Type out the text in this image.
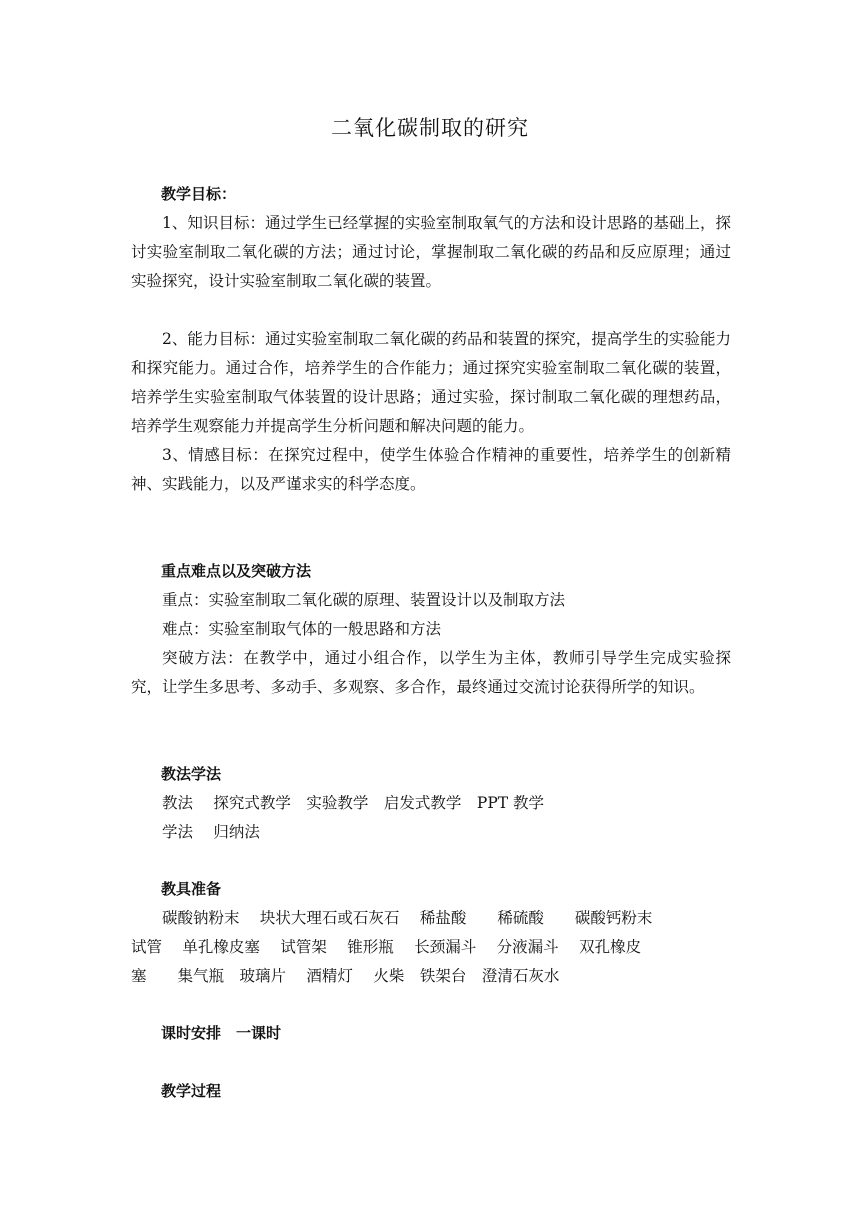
二氧化碳制取的研究

教学目标：

1、知识目标：通过学生已经掌握的实验室制取氧气的方法和设计思路的基础上，探讨实验室制取二氧化碳的方法；通过讨论，掌握制取二氧化碳的药品和反应原理；通过实验探究，设计实验室制取二氧化碳的装置。

2、能力目标：通过实验室制取二氧化碳的药品和装置的探究，提高学生的实验能力和探究能力。通过合作，培养学生的合作能力；通过探究实验室制取二氧化碳的装置，培养学生实验室制取气体装置的设计思路；通过实验，探讨制取二氧化碳的理想药品，培养学生观察能力并提高学生分析问题和解决问题的能力。

3、情感目标：在探究过程中，使学生体验合作精神的重要性，培养学生的创新精神、实践能力，以及严谨求实的科学态度。

重点难点以及突破方法

重点：实验室制取二氧化碳的原理、装置设计以及制取方法

难点：实验室制取气体的一般思路和方法

突破方法：在教学中，通过小组合作，以学生为主体，教师引导学生完成实验探究，让学生多思考、多动手、多观察、多合作，最终通过交流讨论获得所学的知识。

教法学法

教法　 探究式教学　实验教学　启发式教学　PPT 教学

学法　 归纳法

教具准备

碳酸钠粉末　 块状大理石或石灰石　 稀盐酸　　稀硫酸　　碳酸钙粉末

试管　 单孔橡皮塞　 试管架　 锥形瓶　 长颈漏斗　 分液漏斗　 双孔橡皮

塞　　集气瓶　玻璃片　 酒精灯　 火柴　铁架台　澄清石灰水

课时安排　一课时

教学过程
